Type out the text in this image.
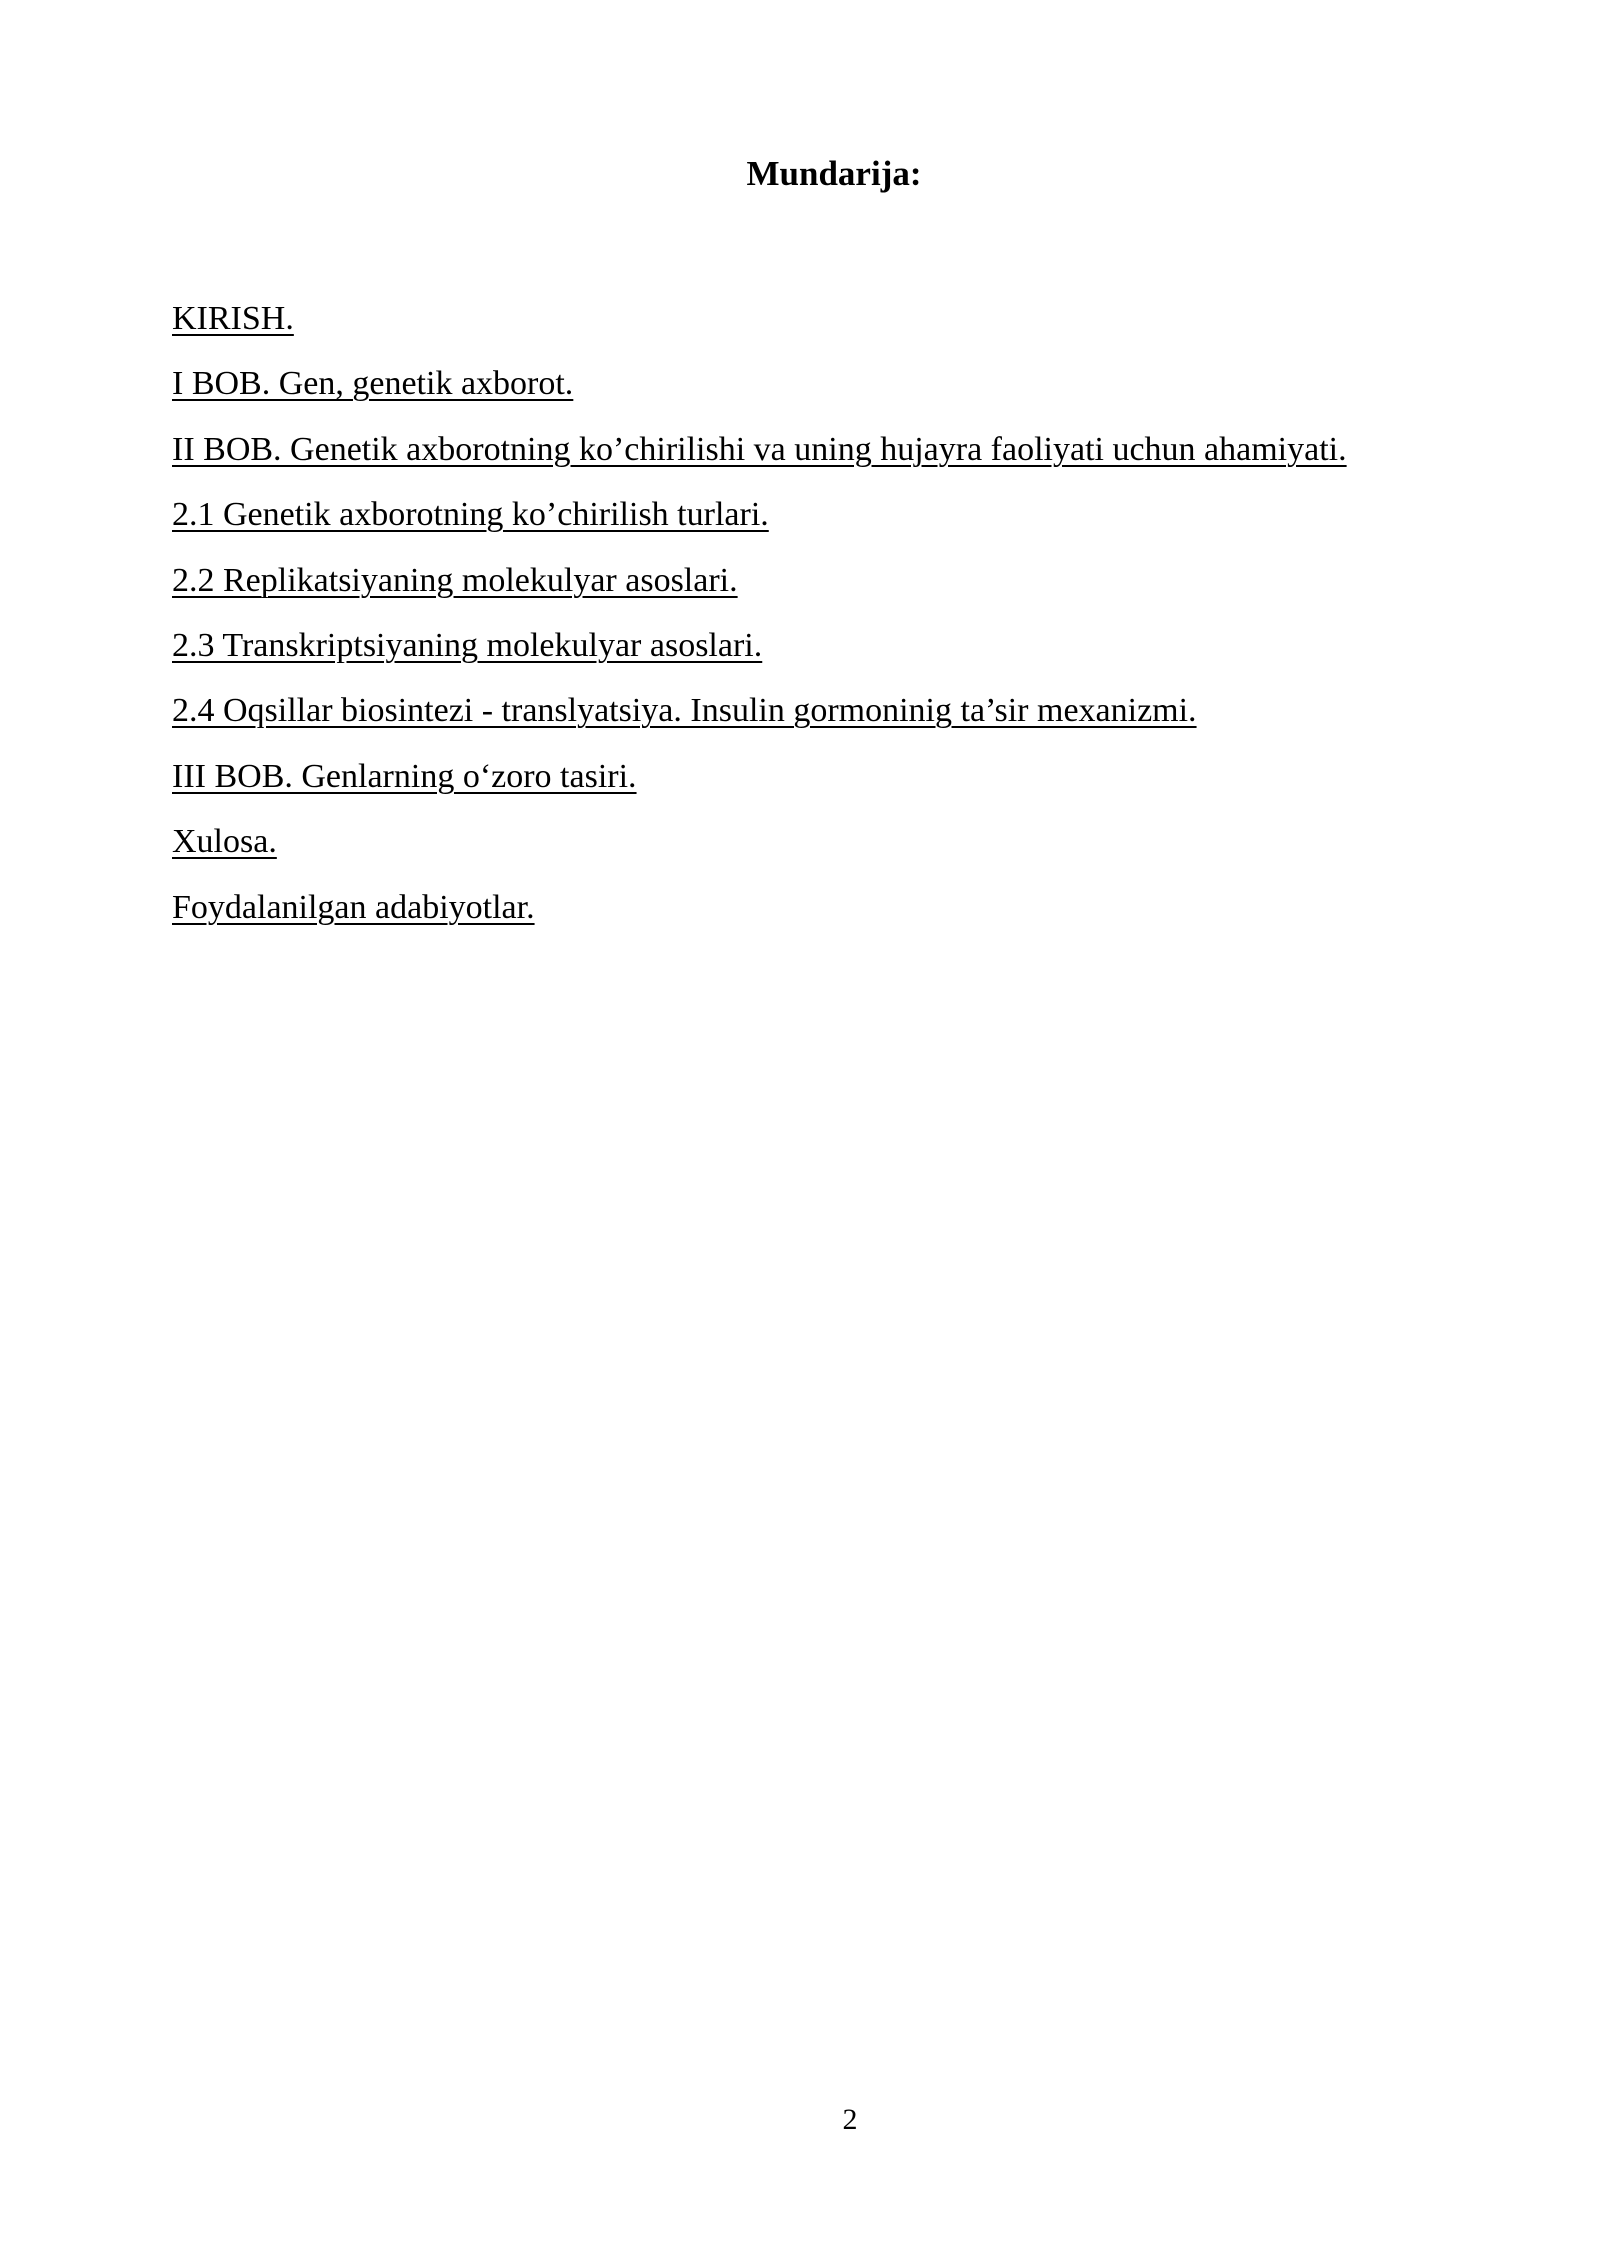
Mundarija:
KIRISH.
I BOB. Gen, genetik axborot.
II BOB. Genetik axborotning ko’chirilishi va uning hujayra faoliyati uchun ahamiyati.
2.1 Genetik axborotning ko’chirilish turlari.
2.2 Replikatsiyaning molekulyar asoslari.
2.3 Transkriptsiyaning molekulyar asoslari.
2.4 Oqsillar biosintezi - translyatsiya. Insulin gormoninig ta’sir mexanizmi.
III BOB. Genlarning o‘zoro tasiri.
Xulosa.
Foydalanilgan adabiyotlar.
2
